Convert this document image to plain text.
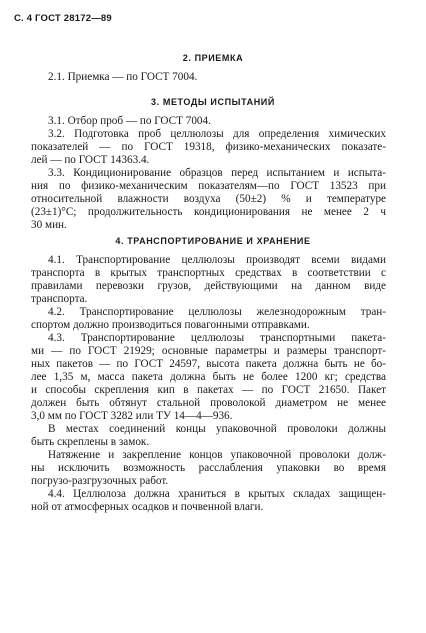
С. 4 ГОСТ 28172—89
2. ПРИЕМКА
2.1. Приемка — по ГОСТ 7004.
3. МЕТОДЫ ИСПЫТАНИЙ
3.1. Отбор проб — по ГОСТ 7004.
3.2. Подготовка проб целлюлозы для определения химических
показателей — по ГОСТ 19318, физико-механических показате-
лей — по ГОСТ 14363.4.
3.3. Кондиционирование образцов перед испытанием и испыта-
ния по физико-механическим показателям—по ГОСТ 13523 при
относительной влажности воздуха (50±2) % и температуре
(23±1)°С; продолжительность кондиционирования не менее 2 ч
30 мин.
4. ТРАНСПОРТИРОВАНИЕ И ХРАНЕНИЕ
4.1. Транспортирование целлюлозы производят всеми видами
транспорта в крытых транспортных средствах в соответствии с
правилами перевозки грузов, действующими на данном виде
транспорта.
4.2. Транспортирование целлюлозы железнодорожным тран-
спортом должно производиться повагонными отправками.
4.3. Транспортирование целлюлозы транспортными пакета-
ми — по ГОСТ 21929; основные параметры и размеры транспорт-
ных пакетов — по ГОСТ 24597, высота пакета должна быть не бо-
лее 1,35 м, масса пакета должна быть не более 1200 кг; средства
и способы скрепления кип в пакетах — по ГОСТ 21650. Пакет
должен быть обтянут стальной проволокой диаметром не менее
3,0 мм по ГОСТ 3282 или ТУ 14—4—936.
В местах соединений концы упаковочной проволоки должны
быть скреплены в замок.
Натяжение и закрепление концов упаковочной проволоки долж-
ны исключить возможность расслабления упаковки во время
погрузо-разгрузочных работ.
4.4. Целлюлоза должна храниться в крытых складах защищен-
ной от атмосферных осадков и почвенной влаги.
